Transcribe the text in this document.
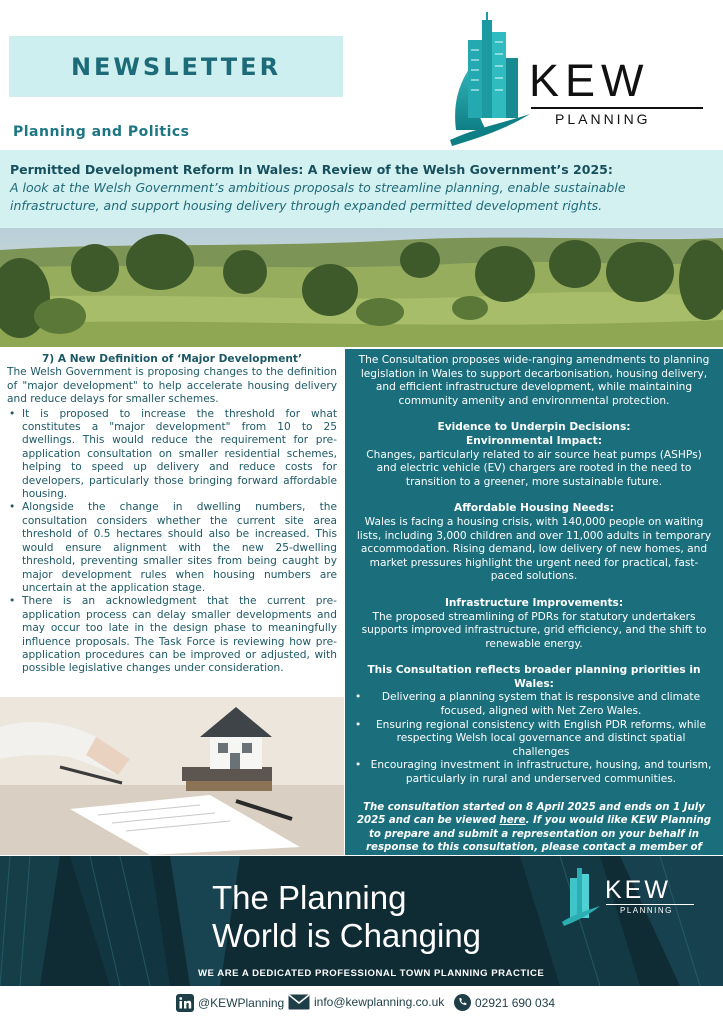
NEWSLETTER
Planning and Politics
KEW
PLANNING
Permitted Development Reform In Wales: A Review of the Welsh Government’s 2025:

A look at the Welsh Government’s ambitious proposals to streamline planning, enable sustainable infrastructure, and support housing delivery through expanded permitted development rights.

7) A New Definition of ‘Major Development’

The Welsh Government is proposing changes to the definition of "major development" to help accelerate housing delivery and reduce delays for smaller schemes.

• It is proposed to increase the threshold for what constitutes a "major development" from 10 to 25 dwellings. This would reduce the requirement for pre-application consultation on smaller residential schemes, helping to speed up delivery and reduce costs for developers, particularly those bringing forward affordable housing.
• Alongside the change in dwelling numbers, the consultation considers whether the current site area threshold of 0.5 hectares should also be increased. This would ensure alignment with the new 25-dwelling threshold, preventing smaller sites from being caught by major development rules when housing numbers are uncertain at the application stage.
• There is an acknowledgment that the current pre-application process can delay smaller developments and may occur too late in the design phase to meaningfully influence proposals. The Task Force is reviewing how pre-application procedures can be improved or adjusted, with possible legislative changes under consideration.

The Consultation proposes wide-ranging amendments to planning legislation in Wales to support decarbonisation, housing delivery, and efficient infrastructure development, while maintaining community amenity and environmental protection.

Evidence to Underpin Decisions:
Environmental Impact:

Changes, particularly related to air source heat pumps (ASHPs) and electric vehicle (EV) chargers are rooted in the need to transition to a greener, more sustainable future.

Affordable Housing Needs:

Wales is facing a housing crisis, with 140,000 people on waiting lists, including 3,000 children and over 11,000 adults in temporary accommodation. Rising demand, low delivery of new homes, and market pressures highlight the urgent need for practical, fast-paced solutions.

Infrastructure Improvements:

The proposed streamlining of PDRs for statutory undertakers supports improved infrastructure, grid efficiency, and the shift to renewable energy.

This Consultation reflects broader planning priorities in Wales:
• Delivering a planning system that is responsive and climate focused, aligned with Net Zero Wales.
• Ensuring regional consistency with English PDR reforms, while respecting Welsh local governance and distinct spatial challenges
• Encouraging investment in infrastructure, housing, and tourism, particularly in rural and underserved communities.

The consultation started on 8 April 2025 and ends on 1 July 2025 and can be viewed here. If you would like KEW Planning to prepare and submit a representation on your behalf in response to this consultation, please contact a member of

The Planning
World is Changing
KEW
PLANNING
WE ARE A DEDICATED PROFESSIONAL TOWN PLANNING PRACTICE
@KEWPlanning info@kewplanning.co.uk	02921 690 034
